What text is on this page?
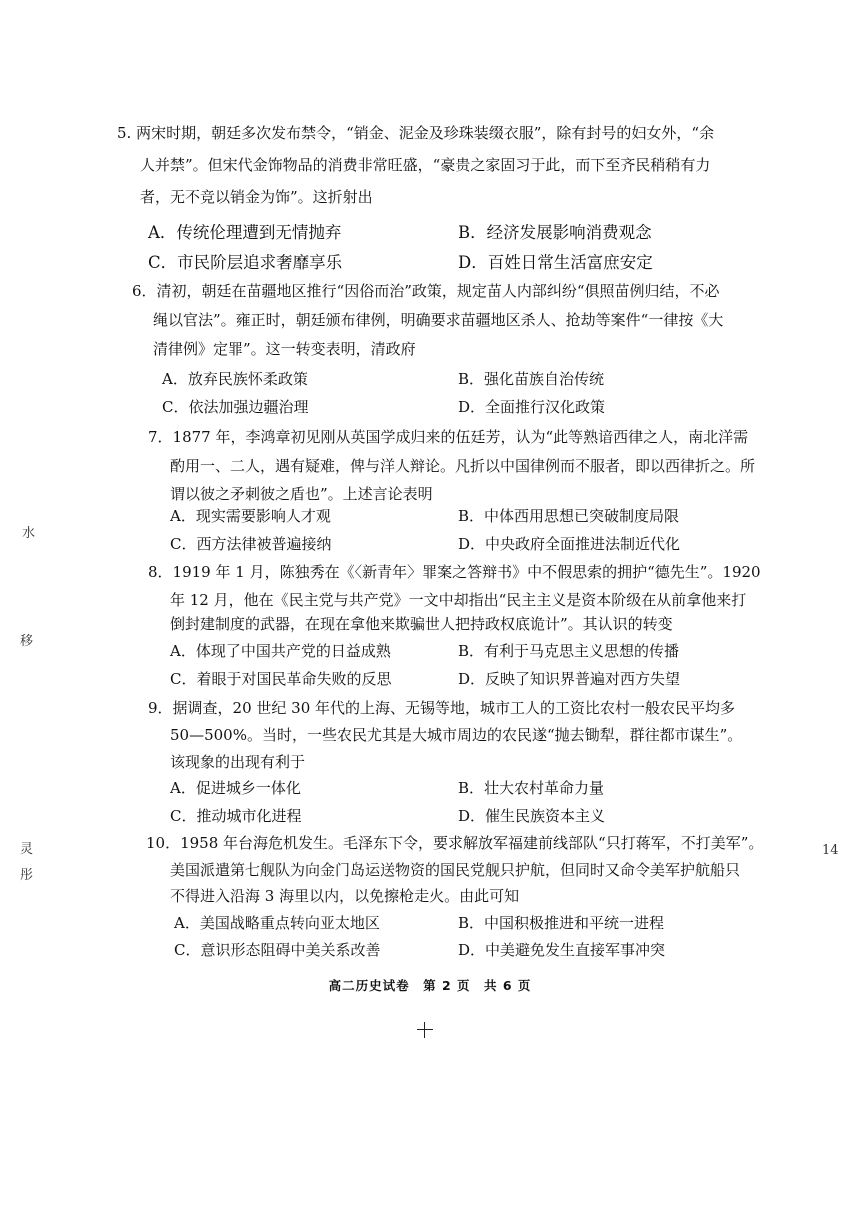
5. 两宋时期，朝廷多次发布禁令，“销金、泥金及珍珠装缀衣服”，除有封号的妇女外，“余
人并禁”。但宋代金饰物品的消费非常旺盛，“豪贵之家固习于此，而下至齐民稍稍有力
者，无不竞以销金为饰”。这折射出
A．传统伦理遭到无情抛弃	B．经济发展影响消费观念
C．市民阶层追求奢靡享乐	D．百姓日常生活富庶安定
6．清初，朝廷在苗疆地区推行“因俗而治”政策，规定苗人内部纠纷“俱照苗例归结，不必
绳以官法”。雍正时，朝廷颁布律例，明确要求苗疆地区杀人、抢劫等案件“一律按《大
清律例》定罪”。这一转变表明，清政府
A．放弃民族怀柔政策	B．强化苗族自治传统
C．依法加强边疆治理	D．全面推行汉化政策
7．1877 年，李鸿章初见刚从英国学成归来的伍廷芳，认为“此等熟谙西律之人，南北洋需
酌用一、二人，遇有疑难，俾与洋人辩论。凡折以中国律例而不服者，即以西律折之。所
谓以彼之矛刺彼之盾也”。上述言论表明
A．现实需要影响人才观	B．中体西用思想已突破制度局限
C．西方法律被普遍接纳	D．中央政府全面推进法制近代化
8．1919 年 1 月，陈独秀在《〈新青年〉罪案之答辩书》中不假思索的拥护“德先生”。1920
年 12 月，他在《民主党与共产党》一文中却指出“民主主义是资本阶级在从前拿他来打
倒封建制度的武器，在现在拿他来欺骗世人把持政权底诡计”。其认识的转变
A．体现了中国共产党的日益成熟	B．有利于马克思主义思想的传播
C．着眼于对国民革命失败的反思	D．反映了知识界普遍对西方失望
9．据调查，20 世纪 30 年代的上海、无锡等地，城市工人的工资比农村一般农民平均多
50—500%。当时，一些农民尤其是大城市周边的农民遂“抛去锄犁，群往都市谋生”。
该现象的出现有利于
A．促进城乡一体化	B．壮大农村革命力量
C．推动城市化进程	D．催生民族资本主义
10．1958 年台海危机发生。毛泽东下令，要求解放军福建前线部队“只打蒋军，不打美军”。
美国派遣第七舰队为向金门岛运送物资的国民党舰只护航，但同时又命令美军护航船只
不得进入沿海 3 海里以内，以免擦枪走火。由此可知
A．美国战略重点转向亚太地区	B．中国积极推进和平统一进程
C．意识形态阻碍中美关系改善	D．中美避免发生直接军事冲突
高二历史试卷　第 2 页　共 6 页
水
移
灵
彤
14
